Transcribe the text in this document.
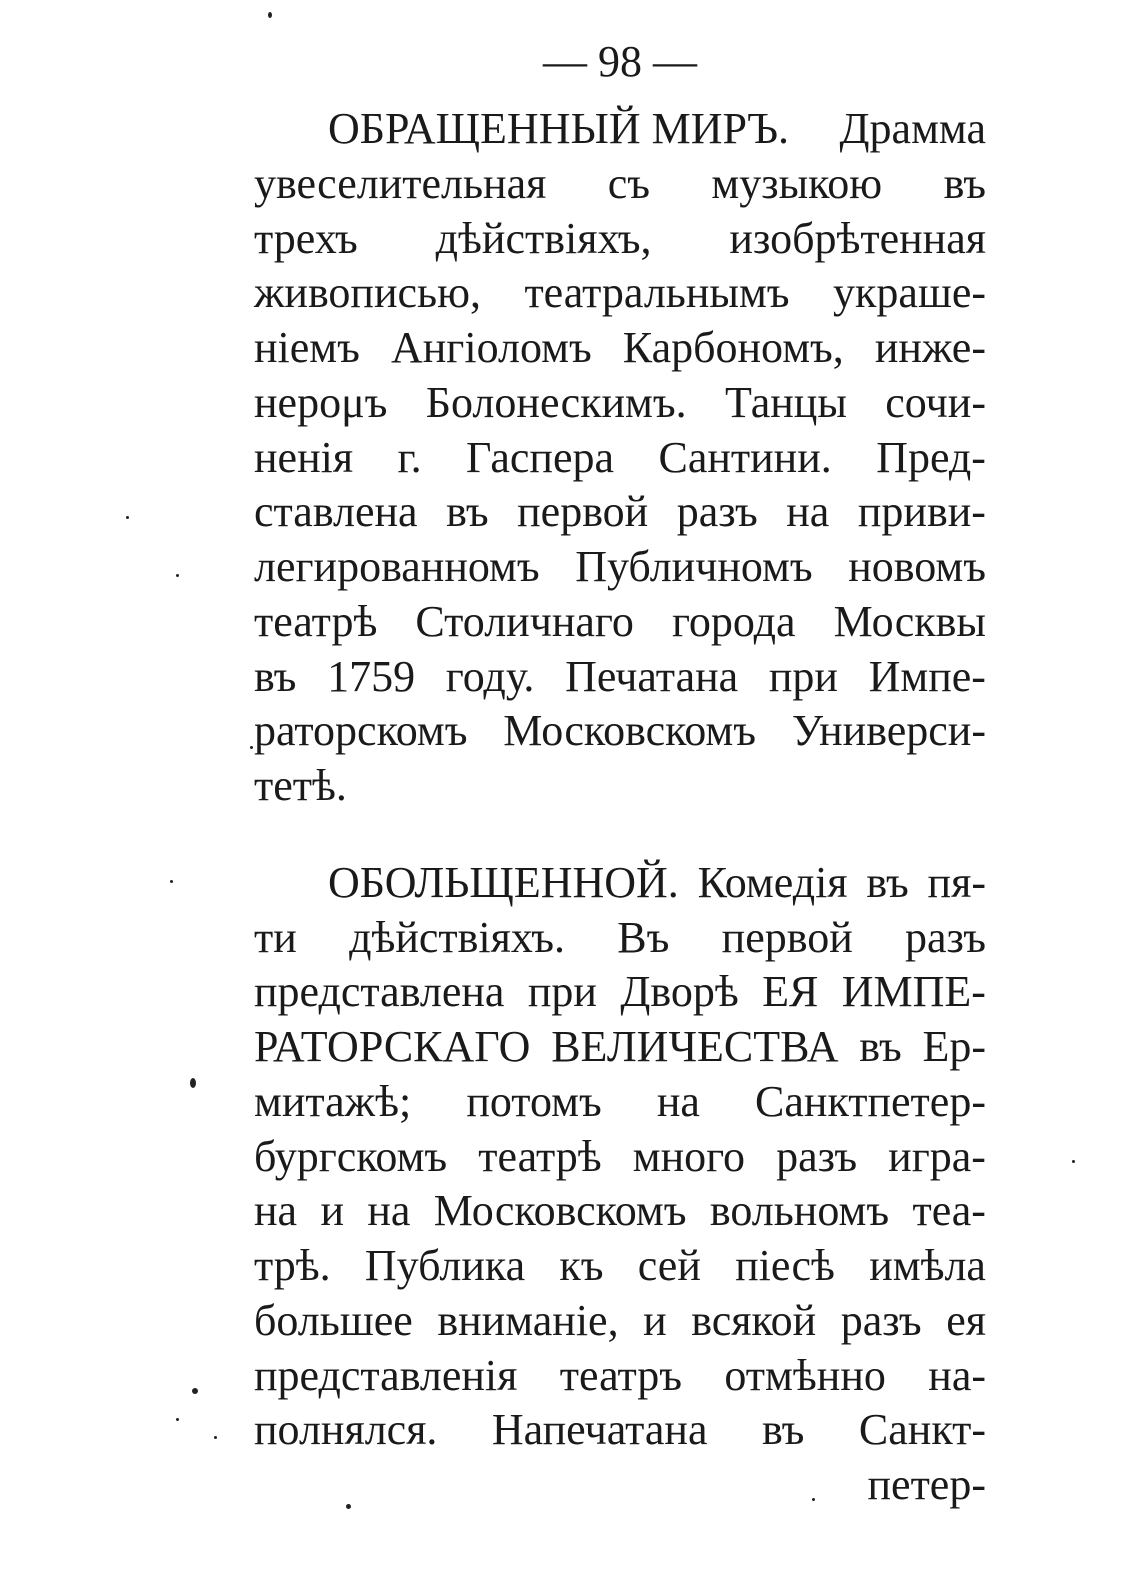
— 98 —
ОБРАЩЕННЫЙ МИРЪ. Драмма
увеселительная съ музыкою въ
трехъ дѣйствіяхъ, изобрѣтенная
живописью, театральнымъ украше-
ніемъ Ангіоломъ Карбономъ, инже-
нерομъ Болонескимъ. Танцы сочи-
ненія г. Гаспера Сантини. Пред-
ставлена въ первой разъ на приви-
легированномъ Публичномъ новомъ
театрѣ Столичнаго города Москвы
въ 1759 году. Печатана при Импе-
раторскомъ Московскомъ Универси-
тетѣ.
ОБОЛЬЩЕННОЙ. Комедія въ пя-
ти дѣйствіяхъ. Въ первой разъ
представлена при Дворѣ ЕЯ ИМПЕ-
РАТОРСКАГО ВЕЛИЧЕСТВА въ Ер-
митажѣ; потомъ на Санктпетер-
бургскомъ театрѣ много разъ игра-
на и на Московскомъ вольномъ теа-
трѣ. Публика къ сей піесѣ имѣла
большее вниманіе, и всякой разъ ея
представленія театръ отмѣнно на-
полнялся. Напечатана въ Санкт-
петер-
